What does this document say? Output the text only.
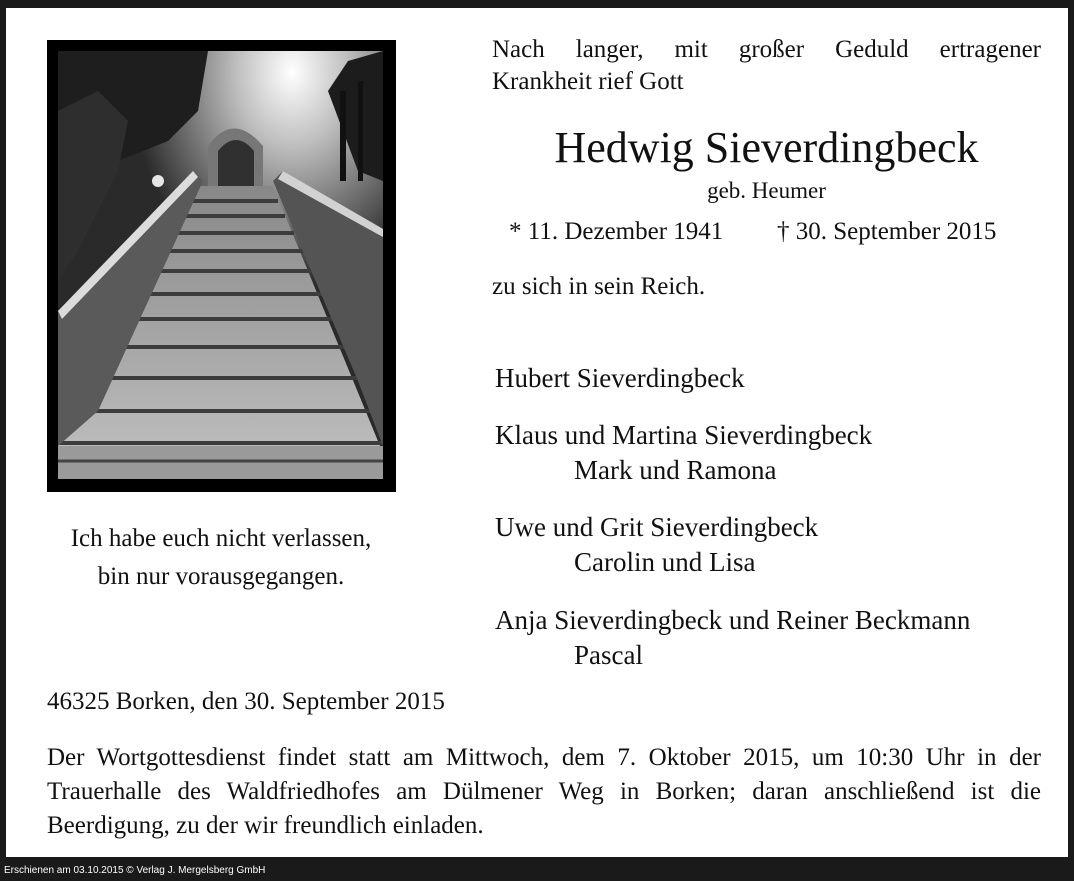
Ich habe euch nicht verlassen,
bin nur vorausgegangen.
Nach langer, mit großer Geduld ertragener
Krankheit rief Gott
Hedwig Sieverdingbeck
geb. Heumer
* 11. Dezember 1941 † 30. September 2015
zu sich in sein Reich.
Hubert Sieverdingbeck
Klaus und Martina Sieverdingbeck
Mark und Ramona
Uwe und Grit Sieverdingbeck
Carolin und Lisa
Anja Sieverdingbeck und Reiner Beckmann
Pascal
46325 Borken, den 30. September 2015
Der Wortgottesdienst findet statt am Mittwoch, dem 7. Oktober 2015, um 10:30 Uhr in der Trauerhalle des Waldfriedhofes am Dülmener Weg in Borken; daran anschließend ist die Beerdigung, zu der wir freundlich einladen.
Erschienen am 03.10.2015 © Verlag J. Mergelsberg GmbH
